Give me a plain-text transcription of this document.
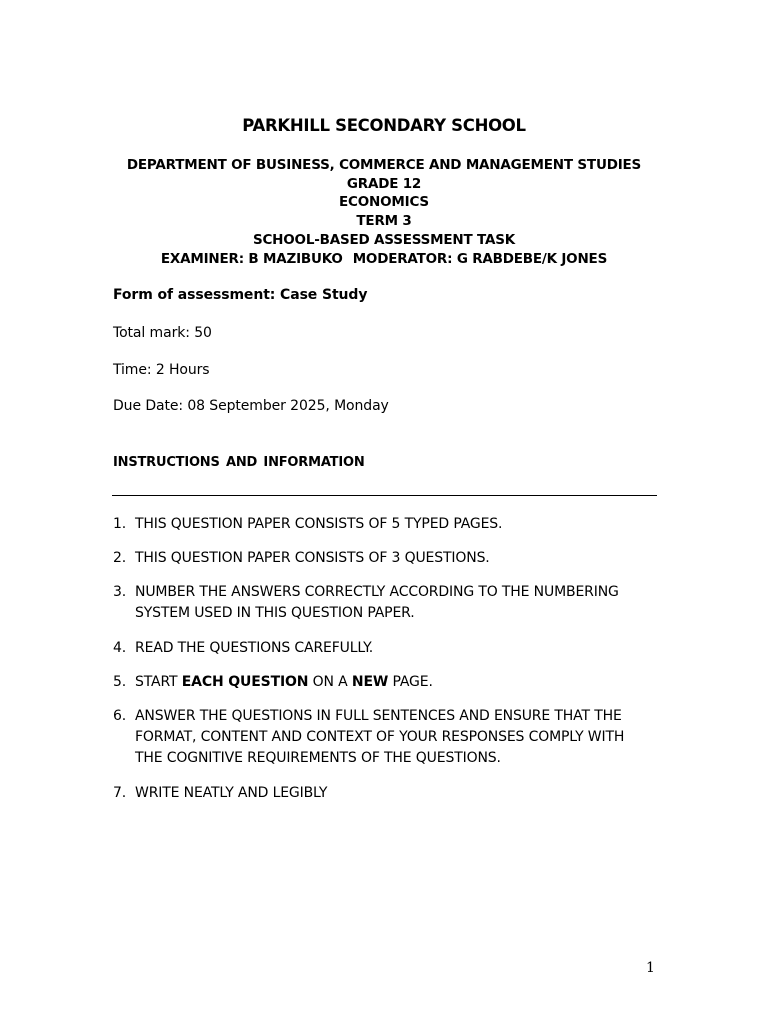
PARKHILL SECONDARY SCHOOL
DEPARTMENT OF BUSINESS, COMMERCE AND MANAGEMENT STUDIES
GRADE 12
ECONOMICS
TERM 3
SCHOOL-BASED ASSESSMENT TASK
EXAMINER: B MAZIBUKO MODERATOR: G RABDEBE/K JONES
Form of assessment: Case Study
Total mark: 50
Time: 2 Hours
Due Date: 08 September 2025, Monday
INSTRUCTIONS AND INFORMATION
1. THIS QUESTION PAPER CONSISTS OF 5 TYPED PAGES.
2. THIS QUESTION PAPER CONSISTS OF 3 QUESTIONS.
3. NUMBER THE ANSWERS CORRECTLY ACCORDING TO THE NUMBERING
SYSTEM USED IN THIS QUESTION PAPER.
4. READ THE QUESTIONS CAREFULLY.
5. START EACH QUESTION ON A NEW PAGE.
6. ANSWER THE QUESTIONS IN FULL SENTENCES AND ENSURE THAT THE
FORMAT, CONTENT AND CONTEXT OF YOUR RESPONSES COMPLY WITH
THE COGNITIVE REQUIREMENTS OF THE QUESTIONS.
7. WRITE NEATLY AND LEGIBLY
1
